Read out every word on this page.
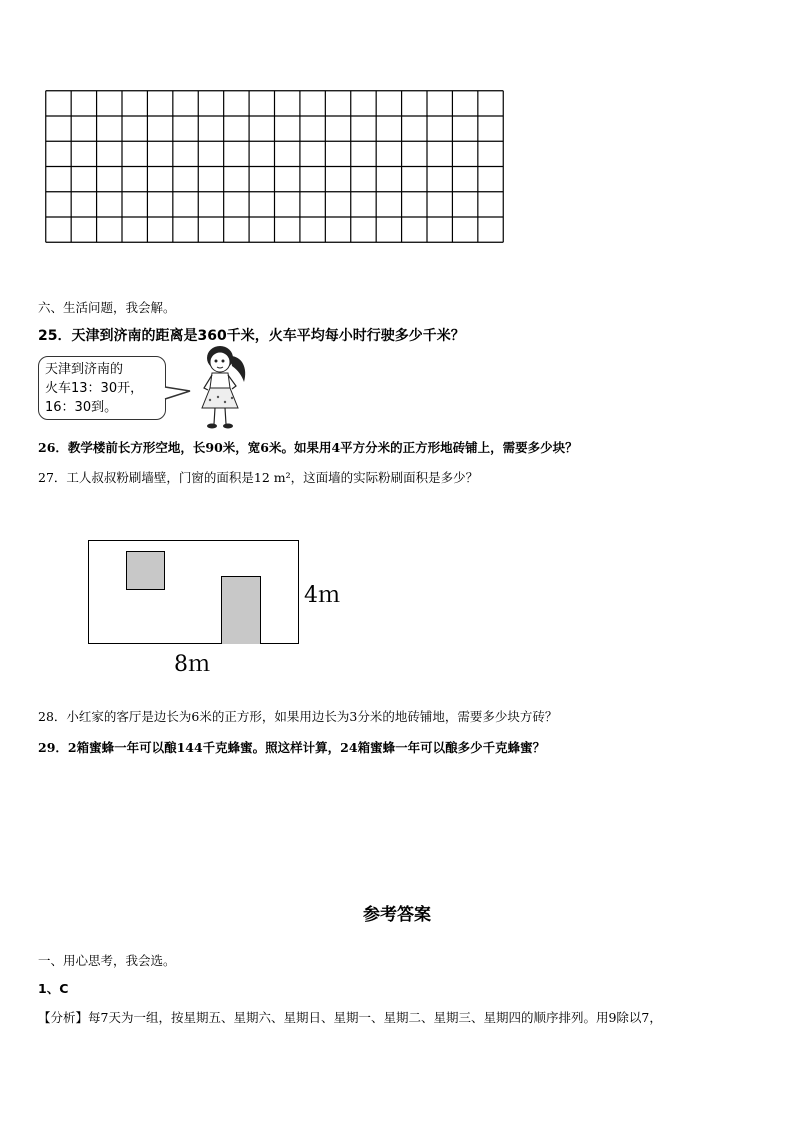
六、生活问题，我会解。
25．天津到济南的距离是360千米，火车平均每小时行驶多少千米？
天津到济南的
火车13：30开，
16：30到。
26．教学楼前长方形空地，长90米，宽6米。如果用4平方分米的正方形地砖铺上，需要多少块？
27．工人叔叔粉刷墙壁，门窗的面积是12 m²，这面墙的实际粉刷面积是多少？
4ｍ
8ｍ
28．小红家的客厅是边长为6米的正方形，如果用边长为3分米的地砖铺地，需要多少块方砖？
29．2箱蜜蜂一年可以酿144千克蜂蜜。照这样计算，24箱蜜蜂一年可以酿多少千克蜂蜜？
参考答案
一、用心思考，我会选。
1、C
【分析】每7天为一组，按星期五、星期六、星期日、星期一、星期二、星期三、星期四的顺序排列。用9除以7，
